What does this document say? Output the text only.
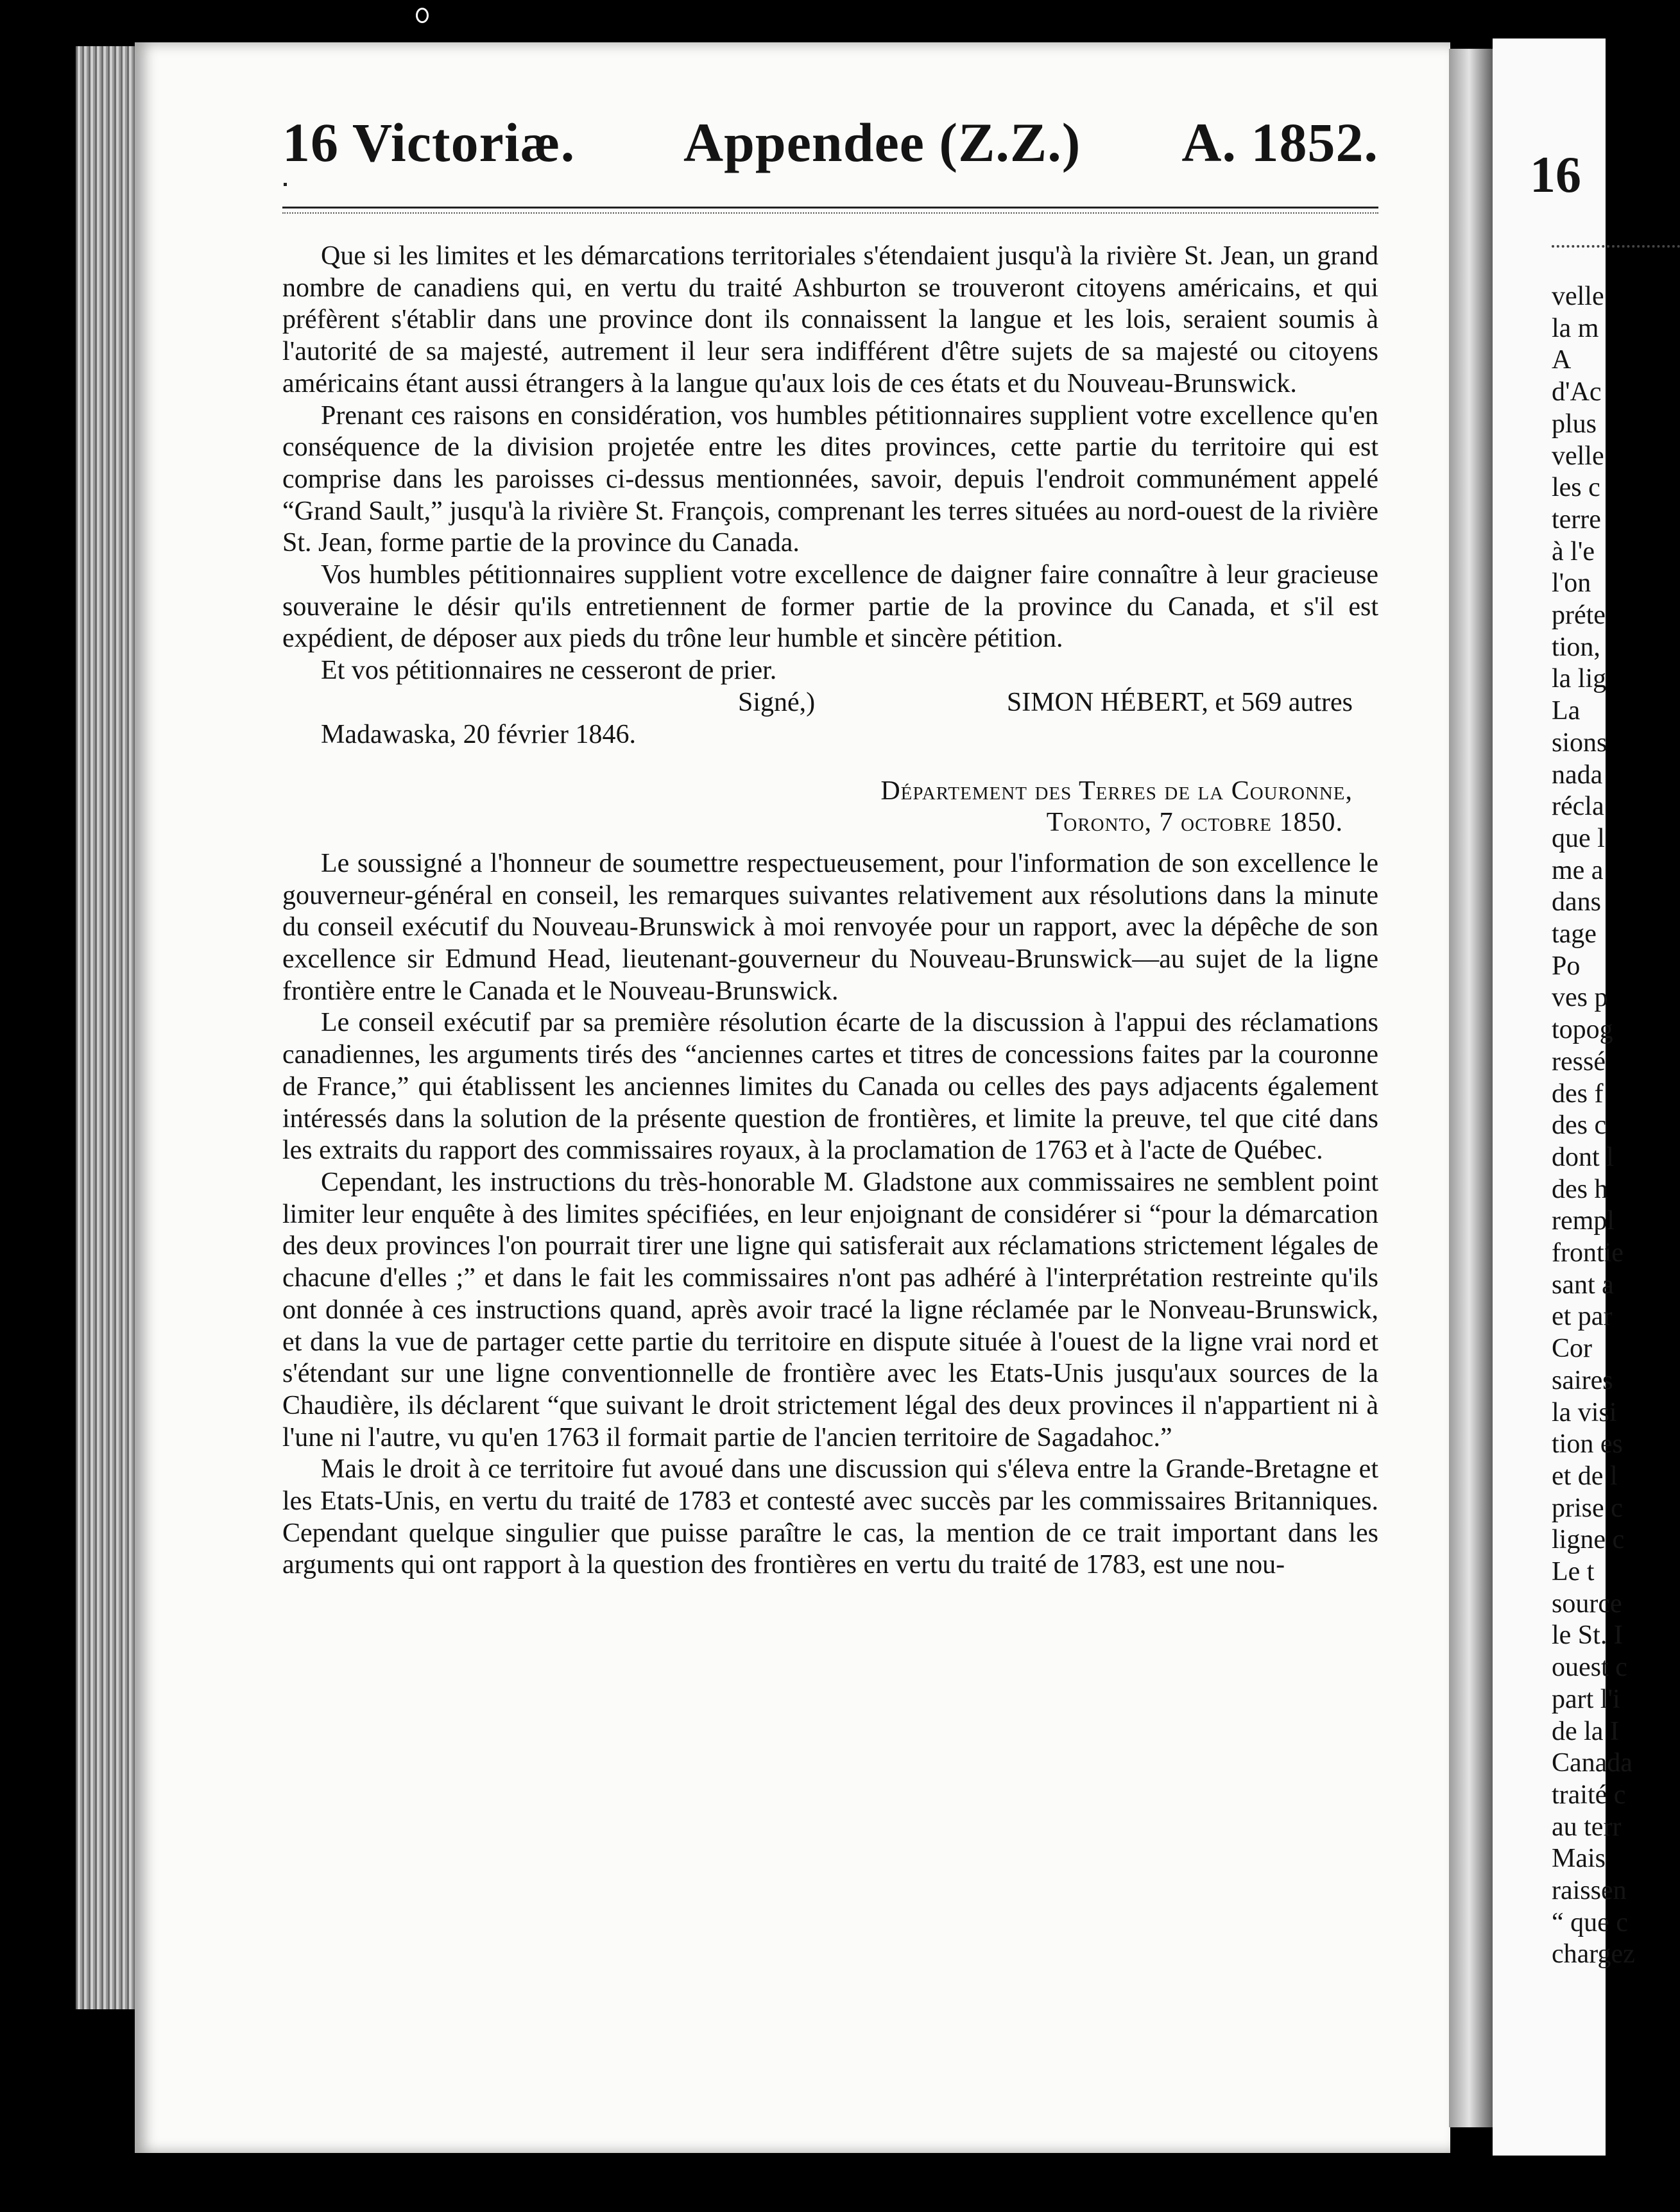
16
velle
la m
A
d'Ac
plus
velle
les c
terre
à l'e
l'on
préte
tion,
la lig
La
sions
nada
récla
que l
me a
dans
tage
Po
ves p
topog
ressé
des f
des c
dont l
des h
rempl
frontie
sant a
et par
Cor
saires
la visi
tion es
et de l
prise c
ligne c
Le t
source
le St. I
ouest c
part l'i
de la I
Canada
traité c
au terr
Mais
raissen
“ que c
chargez
16 Victoriæ. Appendee (Z.Z.) A. 1852.

Que si les limites et les démarcations territoriales s'étendaient jusqu'à la rivière St. Jean, un grand nombre de canadiens qui, en vertu du traité Ashburton se trouveront citoyens américains, et qui préfèrent s'établir dans une province dont ils connaissent la langue et les lois, seraient soumis à l'autorité de sa majesté, autrement il leur sera indifférent d'être sujets de sa majesté ou citoyens américains étant aussi étrangers à la langue qu'aux lois de ces états et du Nouveau-Brunswick.

Prenant ces raisons en considération, vos humbles pétitionnaires supplient votre excellence qu'en conséquence de la division projetée entre les dites provinces, cette partie du territoire qui est comprise dans les paroisses ci-dessus mentionnées, savoir, depuis l'endroit communément appelé “Grand Sault,” jusqu'à la rivière St. François, comprenant les terres situées au nord-ouest de la rivière St. Jean, forme partie de la province du Canada.

Vos humbles pétitionnaires supplient votre excellence de daigner faire connaître à leur gracieuse souveraine le désir qu'ils entretiennent de former partie de la province du Canada, et s'il est expédient, de déposer aux pieds du trône leur humble et sincère pétition.

Et vos pétitionnaires ne cesseront de prier.

Signé,)	SIMON HÉBERT, et 569 autres

Madawaska, 20 février 1846.

Département des Terres de la Couronne,
Toronto, 7 octobre 1850.

Le soussigné a l'honneur de soumettre respectueusement, pour l'information de son excellence le gouverneur-général en conseil, les remarques suivantes relativement aux résolutions dans la minute du conseil exécutif du Nouveau-Brunswick à moi renvoyée pour un rapport, avec la dépêche de son excellence sir Edmund Head, lieutenant-gouverneur du Nouveau-Brunswick—au sujet de la ligne frontière entre le Canada et le Nouveau-Brunswick.

Le conseil exécutif par sa première résolution écarte de la discussion à l'appui des réclamations canadiennes, les arguments tirés des “anciennes cartes et titres de concessions faites par la couronne de France,” qui établissent les anciennes limites du Canada ou celles des pays adjacents également intéressés dans la solution de la présente question de frontières, et limite la preuve, tel que cité dans les extraits du rapport des commissaires royaux, à la proclamation de 1763 et à l'acte de Québec.

Cependant, les instructions du très-honorable M. Gladstone aux commissaires ne semblent point limiter leur enquête à des limites spécifiées, en leur enjoignant de considérer si “pour la démarcation des deux provinces l'on pourrait tirer une ligne qui satisferait aux réclamations strictement légales de chacune d'elles ;” et dans le fait les commissaires n'ont pas adhéré à l'interprétation restreinte qu'ils ont donnée à ces instructions quand, après avoir tracé la ligne réclamée par le Nonveau-Brunswick, et dans la vue de partager cette partie du territoire en dispute située à l'ouest de la ligne vrai nord et s'étendant sur une ligne conventionnelle de frontière avec les Etats-Unis jusqu'aux sources de la Chaudière, ils déclarent “que suivant le droit strictement légal des deux provinces il n'appartient ni à l'une ni l'autre, vu qu'en 1763 il formait partie de l'ancien territoire de Sagadahoc.”

Mais le droit à ce territoire fut avoué dans une discussion qui s'éleva entre la Grande-Bretagne et les Etats-Unis, en vertu du traité de 1783 et contesté avec succès par les commissaires Britanniques. Cependant quelque singulier que puisse paraître le cas, la mention de ce trait important dans les arguments qui ont rapport à la question des frontières en vertu du traité de 1783, est une nou-
